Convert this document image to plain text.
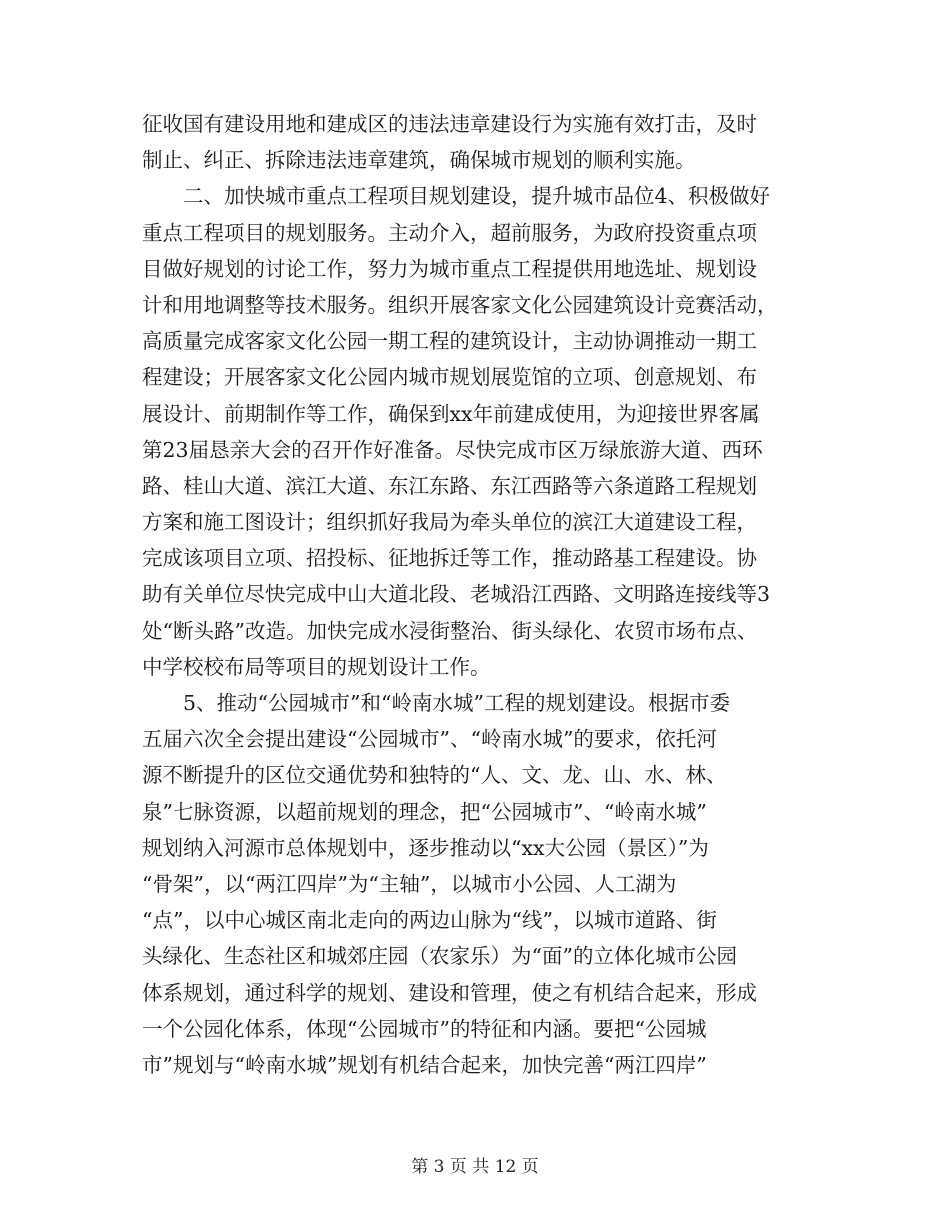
征收国有建设用地和建成区的违法违章建设行为实施有效打击，及时
制止、纠正、拆除违法违章建筑，确保城市规划的顺利实施。
二、加快城市重点工程项目规划建设，提升城市品位4、积极做好
重点工程项目的规划服务。主动介入，超前服务，为政府投资重点项
目做好规划的讨论工作，努力为城市重点工程提供用地选址、规划设
计和用地调整等技术服务。组织开展客家文化公园建筑设计竞赛活动，
高质量完成客家文化公园一期工程的建筑设计，主动协调推动一期工
程建设；开展客家文化公园内城市规划展览馆的立项、创意规划、布
展设计、前期制作等工作，确保到xx年前建成使用，为迎接世界客属
第23届恳亲大会的召开作好准备。尽快完成市区万绿旅游大道、西环
路、桂山大道、滨江大道、东江东路、东江西路等六条道路工程规划
方案和施工图设计；组织抓好我局为牵头单位的滨江大道建设工程，
完成该项目立项、招投标、征地拆迁等工作，推动路基工程建设。协
助有关单位尽快完成中山大道北段、老城沿江西路、文明路连接线等3
处“断头路”改造。加快完成水浸街整治、街头绿化、农贸市场布点、
中学校校布局等项目的规划设计工作。
5、推动“公园城市”和“岭南水城”工程的规划建设。根据市委
五届六次全会提出建设“公园城市”、“岭南水城”的要求，依托河
源不断提升的区位交通优势和独特的“人、文、龙、山、水、林、
泉”七脉资源，以超前规划的理念，把“公园城市”、“岭南水城”
规划纳入河源市总体规划中，逐步推动以“xx大公园（景区）”为
“骨架”，以“两江四岸”为“主轴”，以城市小公园、人工湖为
“点”，以中心城区南北走向的两边山脉为“线”，以城市道路、街
头绿化、生态社区和城郊庄园（农家乐）为“面”的立体化城市公园
体系规划，通过科学的规划、建设和管理，使之有机结合起来，形成
一个公园化体系，体现“公园城市”的特征和内涵。要把“公园城
市”规划与“岭南水城”规划有机结合起来，加快完善“两江四岸”
第 3 页 共 12 页
